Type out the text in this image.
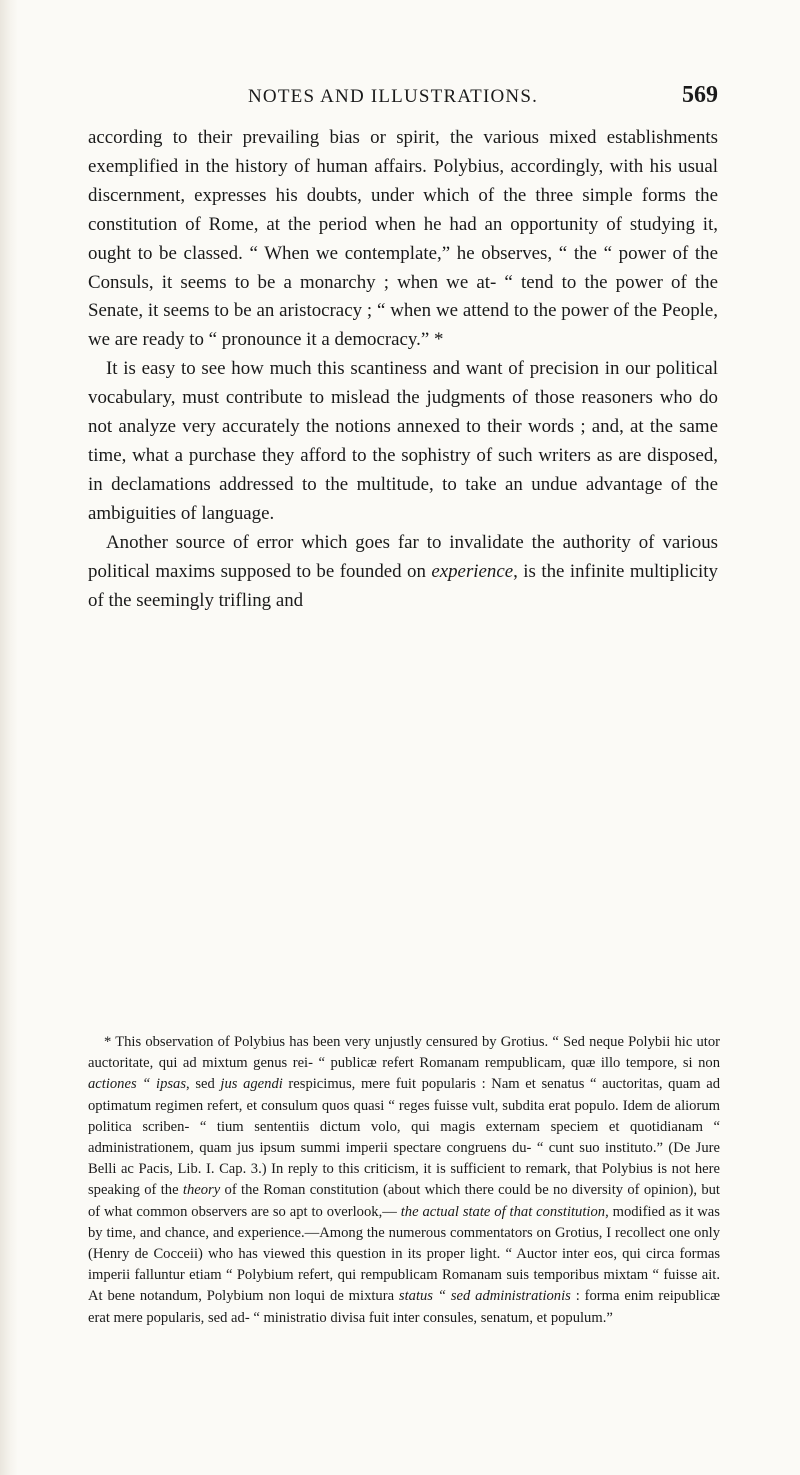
NOTES AND ILLUSTRATIONS.	569

according to their prevailing bias or spirit, the various mixed establishments exemplified in the history of human affairs. Polybius, accordingly, with his usual discernment, expresses his doubts, under which of the three simple forms the constitution of Rome, at the period when he had an opportunity of studying it, ought to be classed. “ When we contemplate,” he observes, “ the “ power of the Consuls, it seems to be a monarchy ; when we at- “ tend to the power of the Senate, it seems to be an aristocracy ; “ when we attend to the power of the People, we are ready to “ pronounce it a democracy.” *

It is easy to see how much this scantiness and want of precision in our political vocabulary, must contribute to mislead the judgments of those reasoners who do not analyze very accurately the notions annexed to their words ; and, at the same time, what a purchase they afford to the sophistry of such writers as are disposed, in declamations addressed to the multitude, to take an undue advantage of the ambiguities of language.

Another source of error which goes far to invalidate the authority of various political maxims supposed to be founded on experience, is the infinite multiplicity of the seemingly trifling and

* This observation of Polybius has been very unjustly censured by Grotius. “ Sed neque Polybii hic utor auctoritate, qui ad mixtum genus rei- “ publicæ refert Romanam rempublicam, quæ illo tempore, si non actiones “ ipsas, sed jus agendi respicimus, mere fuit popularis : Nam et senatus “ auctoritas, quam ad optimatum regimen refert, et consulum quos quasi “ reges fuisse vult, subdita erat populo. Idem de aliorum politica scriben- “ tium sententiis dictum volo, qui magis externam speciem et quotidianam “ administrationem, quam jus ipsum summi imperii spectare congruens du- “ cunt suo instituto.” (De Jure Belli ac Pacis, Lib. I. Cap. 3.) In reply to this criticism, it is sufficient to remark, that Polybius is not here speaking of the theory of the Roman constitution (about which there could be no diversity of opinion), but of what common observers are so apt to overlook,— the actual state of that constitution, modified as it was by time, and chance, and experience.—Among the numerous commentators on Grotius, I recollect one only (Henry de Cocceii) who has viewed this question in its proper light. “ Auctor inter eos, qui circa formas imperii falluntur etiam “ Polybium refert, qui rempublicam Romanam suis temporibus mixtam “ fuisse ait. At bene notandum, Polybium non loqui de mixtura status “ sed administrationis : forma enim reipublicæ erat mere popularis, sed ad- “ ministratio divisa fuit inter consules, senatum, et populum.”
